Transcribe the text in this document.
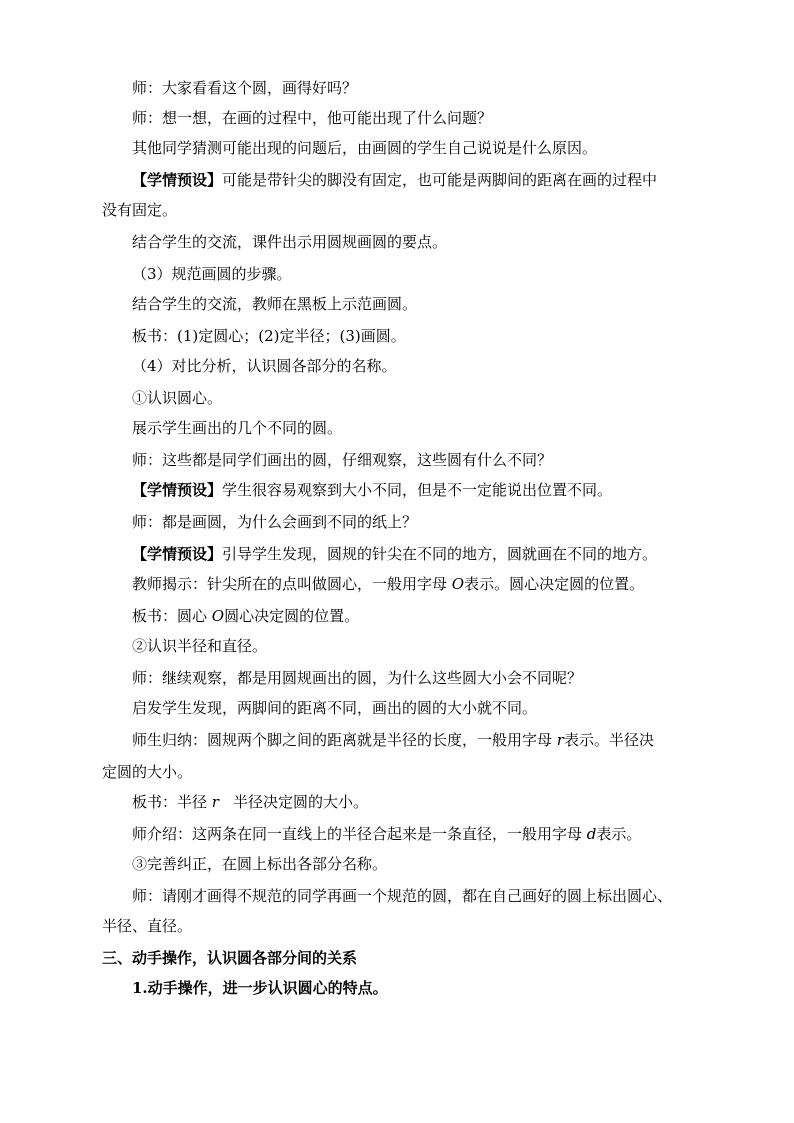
师：大家看看这个圆，画得好吗？
师：想一想，在画的过程中，他可能出现了什么问题？
其他同学猜测可能出现的问题后，由画圆的学生自己说说是什么原因。
【学情预设】可能是带针尖的脚没有固定，也可能是两脚间的距离在画的过程中
没有固定。
结合学生的交流，课件出示用圆规画圆的要点。
（3）规范画圆的步骤。
结合学生的交流，教师在黑板上示范画圆。
板书：(1)定圆心；(2)定半径；(3)画圆。
（4）对比分析，认识圆各部分的名称。
①认识圆心。
展示学生画出的几个不同的圆。
师：这些都是同学们画出的圆，仔细观察，这些圆有什么不同？
【学情预设】学生很容易观察到大小不同，但是不一定能说出位置不同。
师：都是画圆，为什么会画到不同的纸上？
【学情预设】引导学生发现，圆规的针尖在不同的地方，圆就画在不同的地方。
教师揭示：针尖所在的点叫做圆心，一般用字母 O表示。圆心决定圆的位置。
板书：圆心 O圆心决定圆的位置。
②认识半径和直径。
师：继续观察，都是用圆规画出的圆，为什么这些圆大小会不同呢？
启发学生发现，两脚间的距离不同，画出的圆的大小就不同。
师生归纳：圆规两个脚之间的距离就是半径的长度，一般用字母 r表示。半径决
定圆的大小。
板书：半径 r 半径决定圆的大小。
师介绍：这两条在同一直线上的半径合起来是一条直径，一般用字母 d表示。
③完善纠正，在圆上标出各部分名称。
师：请刚才画得不规范的同学再画一个规范的圆，都在自己画好的圆上标出圆心、
半径、直径。
三、动手操作，认识圆各部分间的关系
1.动手操作，进一步认识圆心的特点。
